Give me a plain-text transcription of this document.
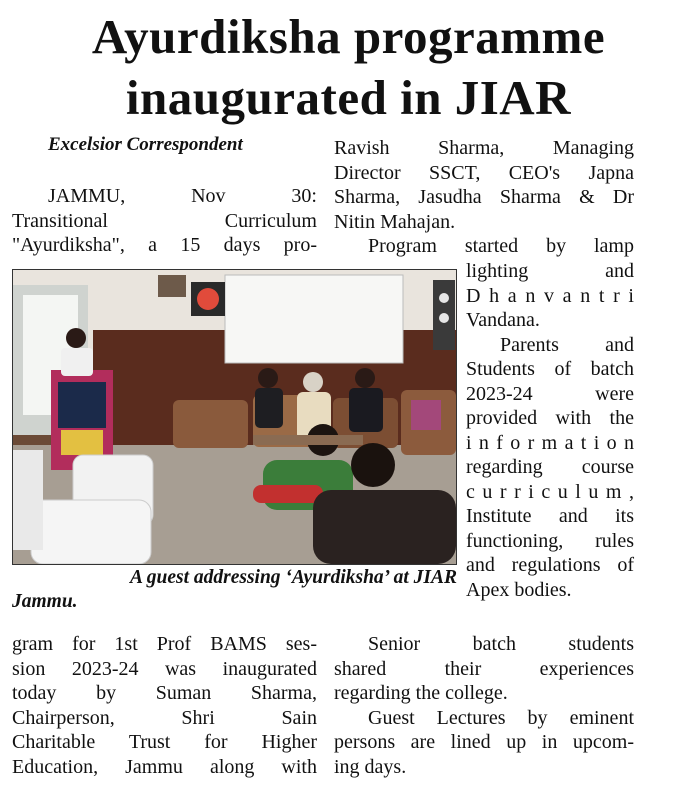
Ayurdiksha programme
inaugurated in JIAR

Excelsior Correspondent

JAMMU, Nov 30:

Transitional Curriculum

"Ayurdiksha", a 15 days pro-

A guest addressing ‘Ayurdiksha’ at JIAR
Jammu.

gram for 1st Prof BAMS ses-

sion 2023-24 was inaugurated

today by Suman Sharma,

Chairperson, Shri Sain

Charitable Trust for Higher

Education, Jammu along with

Ravish Sharma, Managing

Director SSCT, CEO's Japna

Sharma, Jasudha Sharma & Dr

Nitin Mahajan.

Program started by lamp

lighting and

D h a n v a n t r i

Vandana.

Parents and

Students of batch

2023-24 were

provided with the

i n f o r m a t i o n

regarding course

c u r r i c u l u m ,

Institute and its

functioning, rules

and regulations of

Apex bodies.

Senior batch students

shared their experiences

regarding the college.

Guest Lectures by eminent

persons are lined up in upcom-

ing days.
